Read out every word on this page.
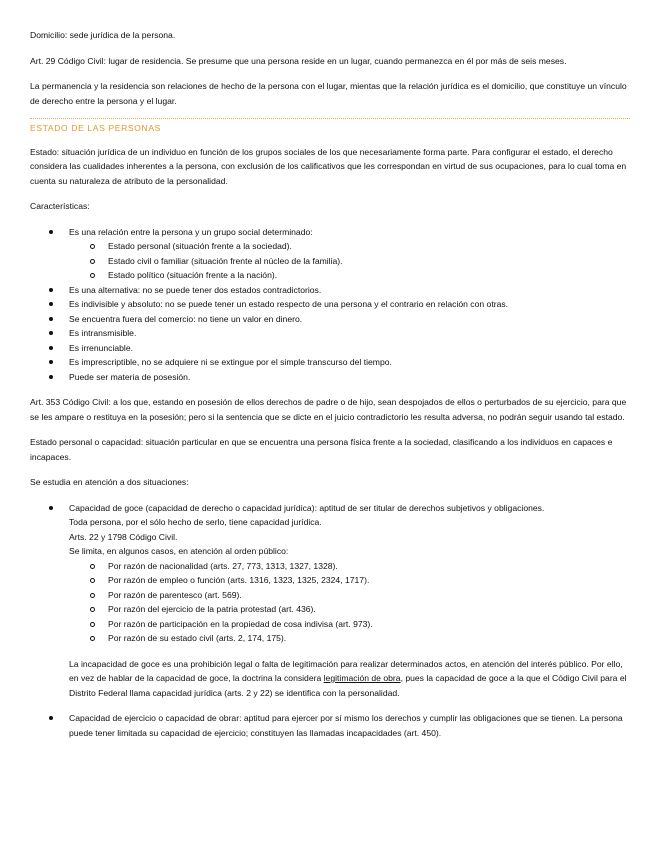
Domicilio: sede jurídica de la persona.

Art. 29 Código Civil: lugar de residencia. Se presume que una persona reside en un lugar, cuando permanezca en él por más de seis meses.

La permanencia y la residencia son relaciones de hecho de la persona con el lugar, mientas que la relación jurídica es el domicilio, que constituye un vínculo de derecho entre la persona y el lugar.

ESTADO DE LAS PERSONAS

Estado: situación jurídica de un individuo en función de los grupos sociales de los que necesariamente forma parte. Para configurar el estado, el derecho considera las cualidades inherentes a la persona, con exclusión de los calificativos que les correspondan en virtud de sus ocupaciones, para lo cual toma en cuenta su naturaleza de atributo de la personalidad.

Características:

Es una relación entre la persona y un grupo social determinado:
Estado personal (situación frente a la sociedad).
Estado civil o familiar (situación frente al núcleo de la familia).
Estado político (situación frente a la nación).
Es una alternativa: no se puede tener dos estados contradictorios.
Es indivisible y absoluto: no se puede tener un estado respecto de una persona y el contrario en relación con otras.
Se encuentra fuera del comercio: no tiene un valor en dinero.
Es intransmisible.
Es irrenunciable.
Es imprescriptible, no se adquiere ni se extingue por el simple transcurso del tiempo.
Puede ser materia de posesión.

Art. 353 Código Civil: a los que, estando en posesión de ellos derechos de padre o de hijo, sean despojados de ellos o perturbados de su ejercicio, para que se les ampare o restituya en la posesión; pero si la sentencia que se dicte en el juicio contradictorio les resulta adversa, no podrán seguir usando tal estado.

Estado personal o capacidad: situación particular en que se encuentra una persona física frente a la sociedad, clasificando a los individuos en capaces e incapaces.

Se estudia en atención a dos situaciones:

Capacidad de goce (capacidad de derecho o capacidad jurídica): aptitud de ser titular de derechos subjetivos y obligaciones.
Toda persona, por el sólo hecho de serlo, tiene capacidad jurídica.
Arts. 22 y 1798 Código Civil.
Se limita, en algunos casos, en atención al orden público:
Por razón de nacionalidad (arts. 27, 773, 1313, 1327, 1328).
Por razón de empleo o función (arts. 1316, 1323, 1325, 2324, 1717).
Por razón de parentesco (art. 569).
Por razón del ejercicio de la patria protestad (art. 436).
Por razón de participación en la propiedad de cosa indivisa (art. 973).
Por razón de su estado civil (arts. 2, 174, 175).

La incapacidad de goce es una prohibición legal o falta de legitimación para realizar determinados actos, en atención del interés público. Por ello, en vez de hablar de la capacidad de goce, la doctrina la considera legitimación de obra, pues la capacidad de goce a la que el Código Civil para el Distrito Federal llama capacidad jurídica (arts. 2 y 22) se identifica con la personalidad.

Capacidad de ejercicio o capacidad de obrar: aptitud para ejercer por sí mismo los derechos y cumplir las obligaciones que se tienen. La persona puede tener limitada su capacidad de ejercicio; constituyen las llamadas incapacidades (art. 450).
